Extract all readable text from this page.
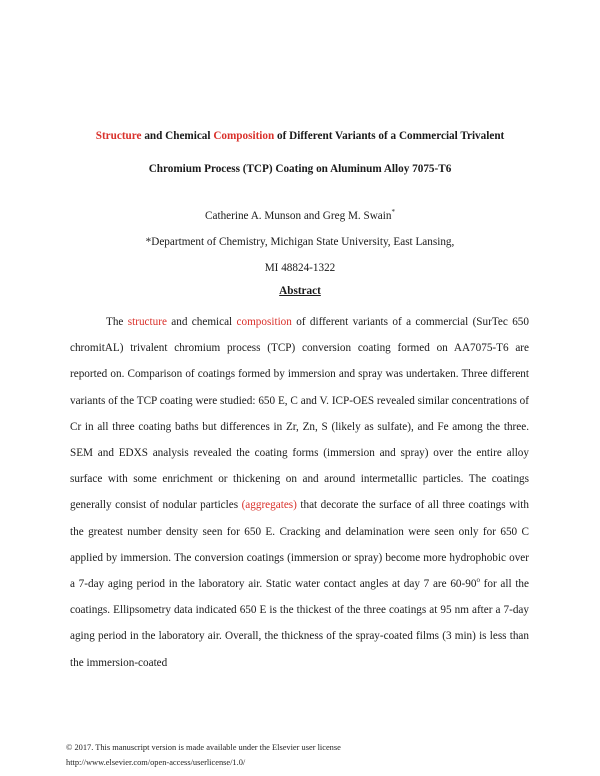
Structure and Chemical Composition of Different Variants of a Commercial Trivalent
Chromium Process (TCP) Coating on Aluminum Alloy 7075-T6
Catherine A. Munson and Greg M. Swain*
*Department of Chemistry, Michigan State University, East Lansing,
MI 48824-1322
Abstract

The structure and chemical composition of different variants of a commercial (SurTec 650 chromitAL) trivalent chromium process (TCP) conversion coating formed on AA7075-T6 are reported on. Comparison of coatings formed by immersion and spray was undertaken. Three different variants of the TCP coating were studied: 650 E, C and V. ICP-OES revealed similar concentrations of Cr in all three coating baths but differences in Zr, Zn, S (likely as sulfate), and Fe among the three. SEM and EDXS analysis revealed the coating forms (immersion and spray) over the entire alloy surface with some enrichment or thickening on and around intermetallic particles. The coatings generally consist of nodular particles (aggregates) that decorate the surface of all three coatings with the greatest number density seen for 650 E. Cracking and delamination were seen only for 650 C applied by immersion. The conversion coatings (immersion or spray) become more hydrophobic over a 7-day aging period in the laboratory air. Static water contact angles at day 7 are 60-90$^o$ for all the coatings. Ellipsometry data indicated 650 E is the thickest of the three coatings at 95 nm after a 7-day aging period in the laboratory air. Overall, the thickness of the spray-coated films (3 min) is less than the immersion-coated

© 2017. This manuscript version is made available under the Elsevier user license
http://www.elsevier.com/open-access/userlicense/1.0/
